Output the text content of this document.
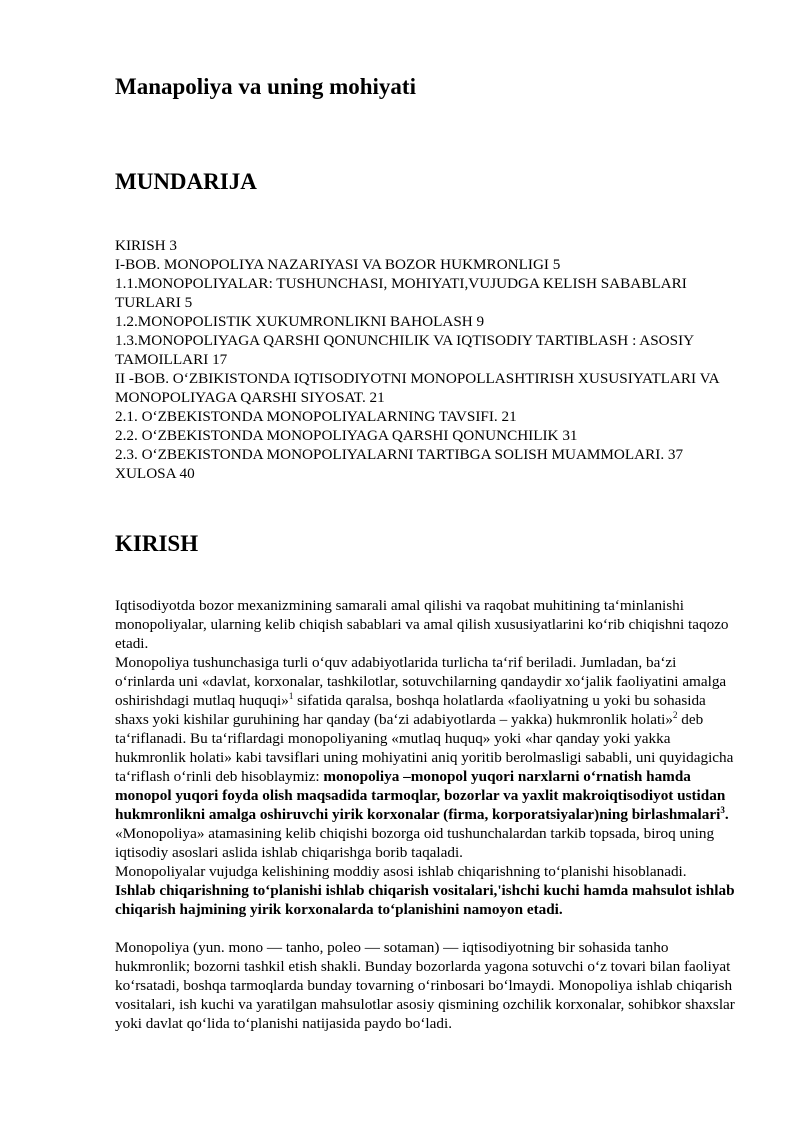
Manapoliya va uning mohiyati
MUNDARIJA
KIRISH 3
I-BOB. MONOPOLIYA NAZARIYASI VA BOZOR HUKMRONLIGI 5
1.1.MONOPOLIYALAR: TUSHUNCHASI, MOHIYATI,VUJUDGA KELISH SABABLARI TURLARI 5
1.2.MONOPOLISTIK XUKUMRONLIKNI BAHOLASH 9
1.3.MONOPOLIYAGA QARSHI QONUNCHILIK VA IQTISODIY TARTIBLASH : ASOSIY TAMOILLARI 17
II -BOB. O‘ZBIKISTONDA IQTISODIYOTNI MONOPOLLASHTIRISH XUSUSIYATLARI VA MONOPOLIYAGA QARSHI SIYOSAT. 21
2.1. O‘ZBEKISTONDA MONOPOLIYALARNING TAVSIFI. 21
2.2. O‘ZBEKISTONDA MONOPOLIYAGA QARSHI QONUNCHILIK 31
2.3. O‘ZBEKISTONDA MONOPOLIYALARNI TARTIBGA SOLISH MUAMMOLARI. 37
XULOSA 40
KIRISH

Iqtisodiyotda bozor mexanizmining samarali amal qilishi va raqobat muhitining ta‘minlanishi monopoliyalar, ularning kelib chiqish sabablari va amal qilish xususiyatlarini ko‘rib chiqishni taqozo etadi.

Monopoliya tushunchasiga turli o‘quv adabiyotlarida turlicha ta‘rif beriladi. Jumladan, ba‘zi o‘rinlarda uni «davlat, korxonalar, tashkilotlar, sotuvchilarning qandaydir xo‘jalik faoliyatini amalga oshirishdagi mutlaq huquqi»$^1$ sifatida qaralsa, boshqa holatlarda «faoliyatning u yoki bu sohasida shaxs yoki kishilar guruhining har qanday (ba‘zi adabiyotlarda – yakka) hukmronlik holati»$^2$ deb ta‘riflanadi. Bu ta‘riflardagi monopoliyaning «mutlaq huquq» yoki «har qanday yoki yakka hukmronlik holati» kabi tavsiflari uning mohiyatini aniq yoritib berolmasligi sababli, uni quyidagicha ta‘riflash o‘rinli deb hisoblaymiz: monopoliya –monopol yuqori narxlarni o‘rnatish hamda monopol yuqori foyda olish maqsadida tarmoqlar, bozorlar va yaxlit makroiqtisodiyot ustidan hukmronlikni amalga oshiruvchi yirik korxonalar (firma, korporatsiyalar)ning birlashmalari$^3$.

«Monopoliya» atamasining kelib chiqishi bozorga oid tushunchalardan tarkib topsada, biroq uning iqtisodiy asoslari aslida ishlab chiqarishga borib taqaladi.

Monopoliyalar vujudga kelishining moddiy asosi ishlab chiqarishning to‘planishi hisoblanadi.

Ishlab chiqarishning to‘planishi ishlab chiqarish vositalari,'ishchi kuchi hamda mahsulot ishlab chiqarish hajmining yirik korxonalarda to‘planishini namoyon etadi.

Monopoliya (yun. mono — tanho, poleo — sotaman) — iqtisodiyotning bir sohasida tanho hukmronlik; bozorni tashkil etish shakli. Bunday bozorlarda yagona sotuvchi o‘z tovari bilan faoliyat ko‘rsatadi, boshqa tarmoqlarda bunday tovarning o‘rinbosari bo‘lmaydi. Monopoliya ishlab chiqarish vositalari, ish kuchi va yaratilgan mahsulotlar asosiy qismining ozchilik korxonalar, sohibkor shaxslar yoki davlat qo‘lida to‘planishi natijasida paydo bo‘ladi.
